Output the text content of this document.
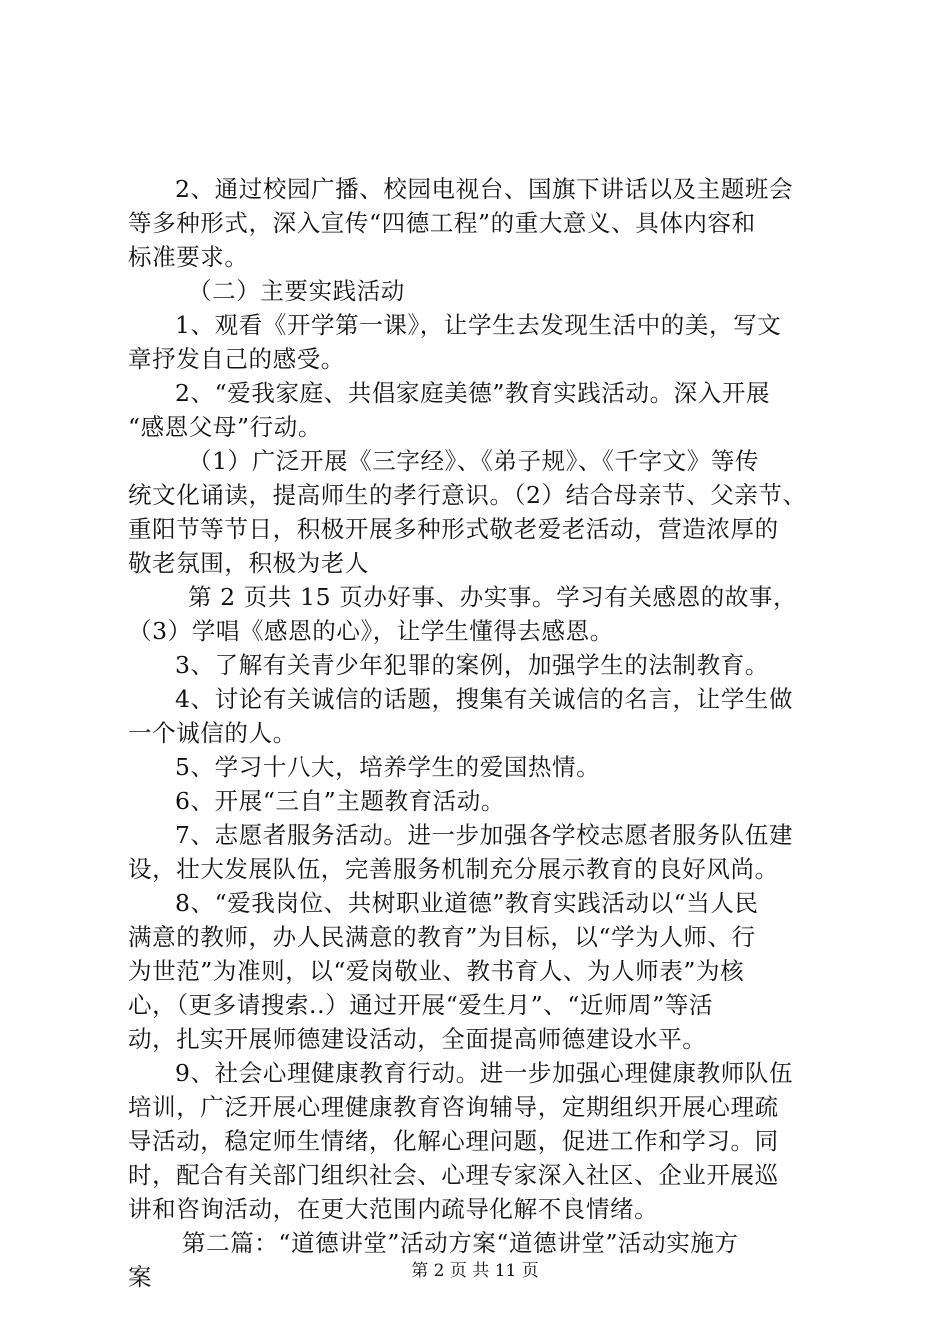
2、通过校园广播、校园电视台、国旗下讲话以及主题班会
等多种形式，深入宣传“四德工程”的重大意义、具体内容和
标准要求。
（二）主要实践活动
1、观看《开学第一课》，让学生去发现生活中的美，写文
章抒发自己的感受。
2、“爱我家庭、共倡家庭美德”教育实践活动。深入开展
“感恩父母”行动。
（1）广泛开展《三字经》、《弟子规》、《千字文》等传
统文化诵读，提高师生的孝行意识。（2）结合母亲节、父亲节、
重阳节等节日，积极开展多种形式敬老爱老活动，营造浓厚的
敬老氛围，积极为老人
第 2 页共 15 页办好事、办实事。学习有关感恩的故事，
（3）学唱《感恩的心》，让学生懂得去感恩。
3、了解有关青少年犯罪的案例，加强学生的法制教育。
4、讨论有关诚信的话题，搜集有关诚信的名言，让学生做
一个诚信的人。
5、学习十八大，培养学生的爱国热情。
6、开展“三自”主题教育活动。
7、志愿者服务活动。进一步加强各学校志愿者服务队伍建
设，壮大发展队伍，完善服务机制充分展示教育的良好风尚。
8、“爱我岗位、共树职业道德”教育实践活动以“当人民
满意的教师，办人民满意的教育”为目标，以“学为人师、行
为世范”为准则，以“爱岗敬业、教书育人、为人师表”为核
心，（更多请搜索..）通过开展“爱生月”、“近师周”等活
动，扎实开展师德建设活动，全面提高师德建设水平。
9、社会心理健康教育行动。进一步加强心理健康教师队伍
培训，广泛开展心理健康教育咨询辅导，定期组织开展心理疏
导活动，稳定师生情绪，化解心理问题，促进工作和学习。同
时，配合有关部门组织社会、心理专家深入社区、企业开展巡
讲和咨询活动，在更大范围内疏导化解不良情绪。
第二篇：“道德讲堂”活动方案“道德讲堂”活动实施方
案	第 2 页 共 11 页
